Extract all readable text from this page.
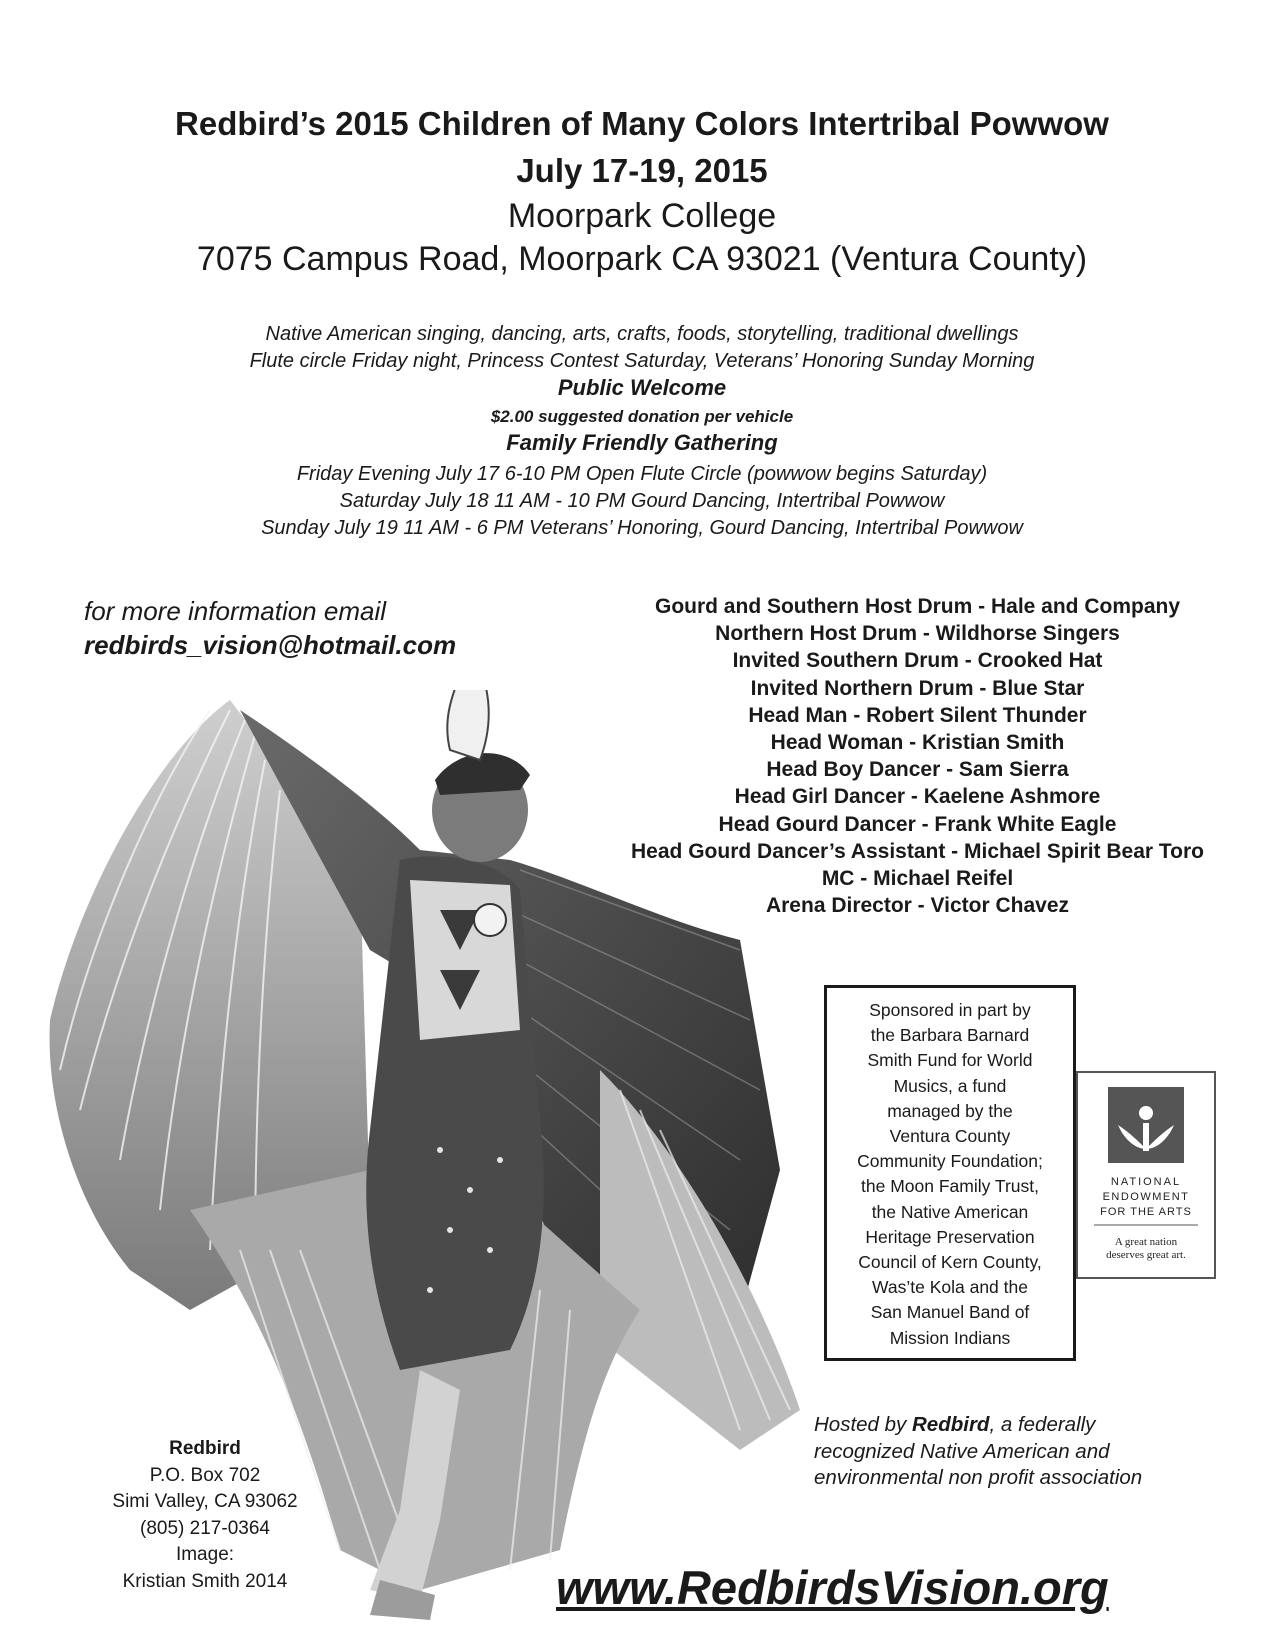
Redbird’s 2015 Children of Many Colors Intertribal Powwow
July 17-19, 2015
Moorpark College
7075 Campus Road, Moorpark CA 93021 (Ventura County)
Native American singing, dancing, arts, crafts, foods, storytelling, traditional dwellings
Flute circle Friday night, Princess Contest Saturday, Veterans’ Honoring Sunday Morning
Public Welcome
$2.00 suggested donation per vehicle
Family Friendly Gathering
Friday Evening July 17 6-10 PM Open Flute Circle (powwow begins Saturday)
Saturday July 18 11 AM - 10 PM Gourd Dancing, Intertribal Powwow
Sunday July 19 11 AM - 6 PM Veterans’ Honoring, Gourd Dancing, Intertribal Powwow
for more information email
redbirds_vision@hotmail.com
Gourd and Southern Host Drum - Hale and Company
Northern Host Drum - Wildhorse Singers
Invited Southern Drum - Crooked Hat
Invited Northern Drum - Blue Star
Head Man - Robert Silent Thunder
Head Woman - Kristian Smith
Head Boy Dancer - Sam Sierra
Head Girl Dancer - Kaelene Ashmore
Head Gourd Dancer - Frank White Eagle
Head Gourd Dancer’s Assistant - Michael Spirit Bear Toro
MC - Michael Reifel
Arena Director - Victor Chavez
Sponsored in part by
the Barbara Barnard
Smith Fund for World
Musics, a fund
managed by the
Ventura County
Community Foundation;
the Moon Family Trust,
the Native American
Heritage Preservation
Council of Kern County,
Was’te Kola and the
San Manuel Band of
Mission Indians
NATIONAL
ENDOWMENT
FOR THE ARTS
A great nation
deserves great art.
Hosted by Redbird, a federally
recognized Native American and
environmental non profit association
Redbird
P.O. Box 702
Simi Valley, CA 93062
(805) 217-0364
Image:
Kristian Smith 2014	www.RedbirdsVision.org
